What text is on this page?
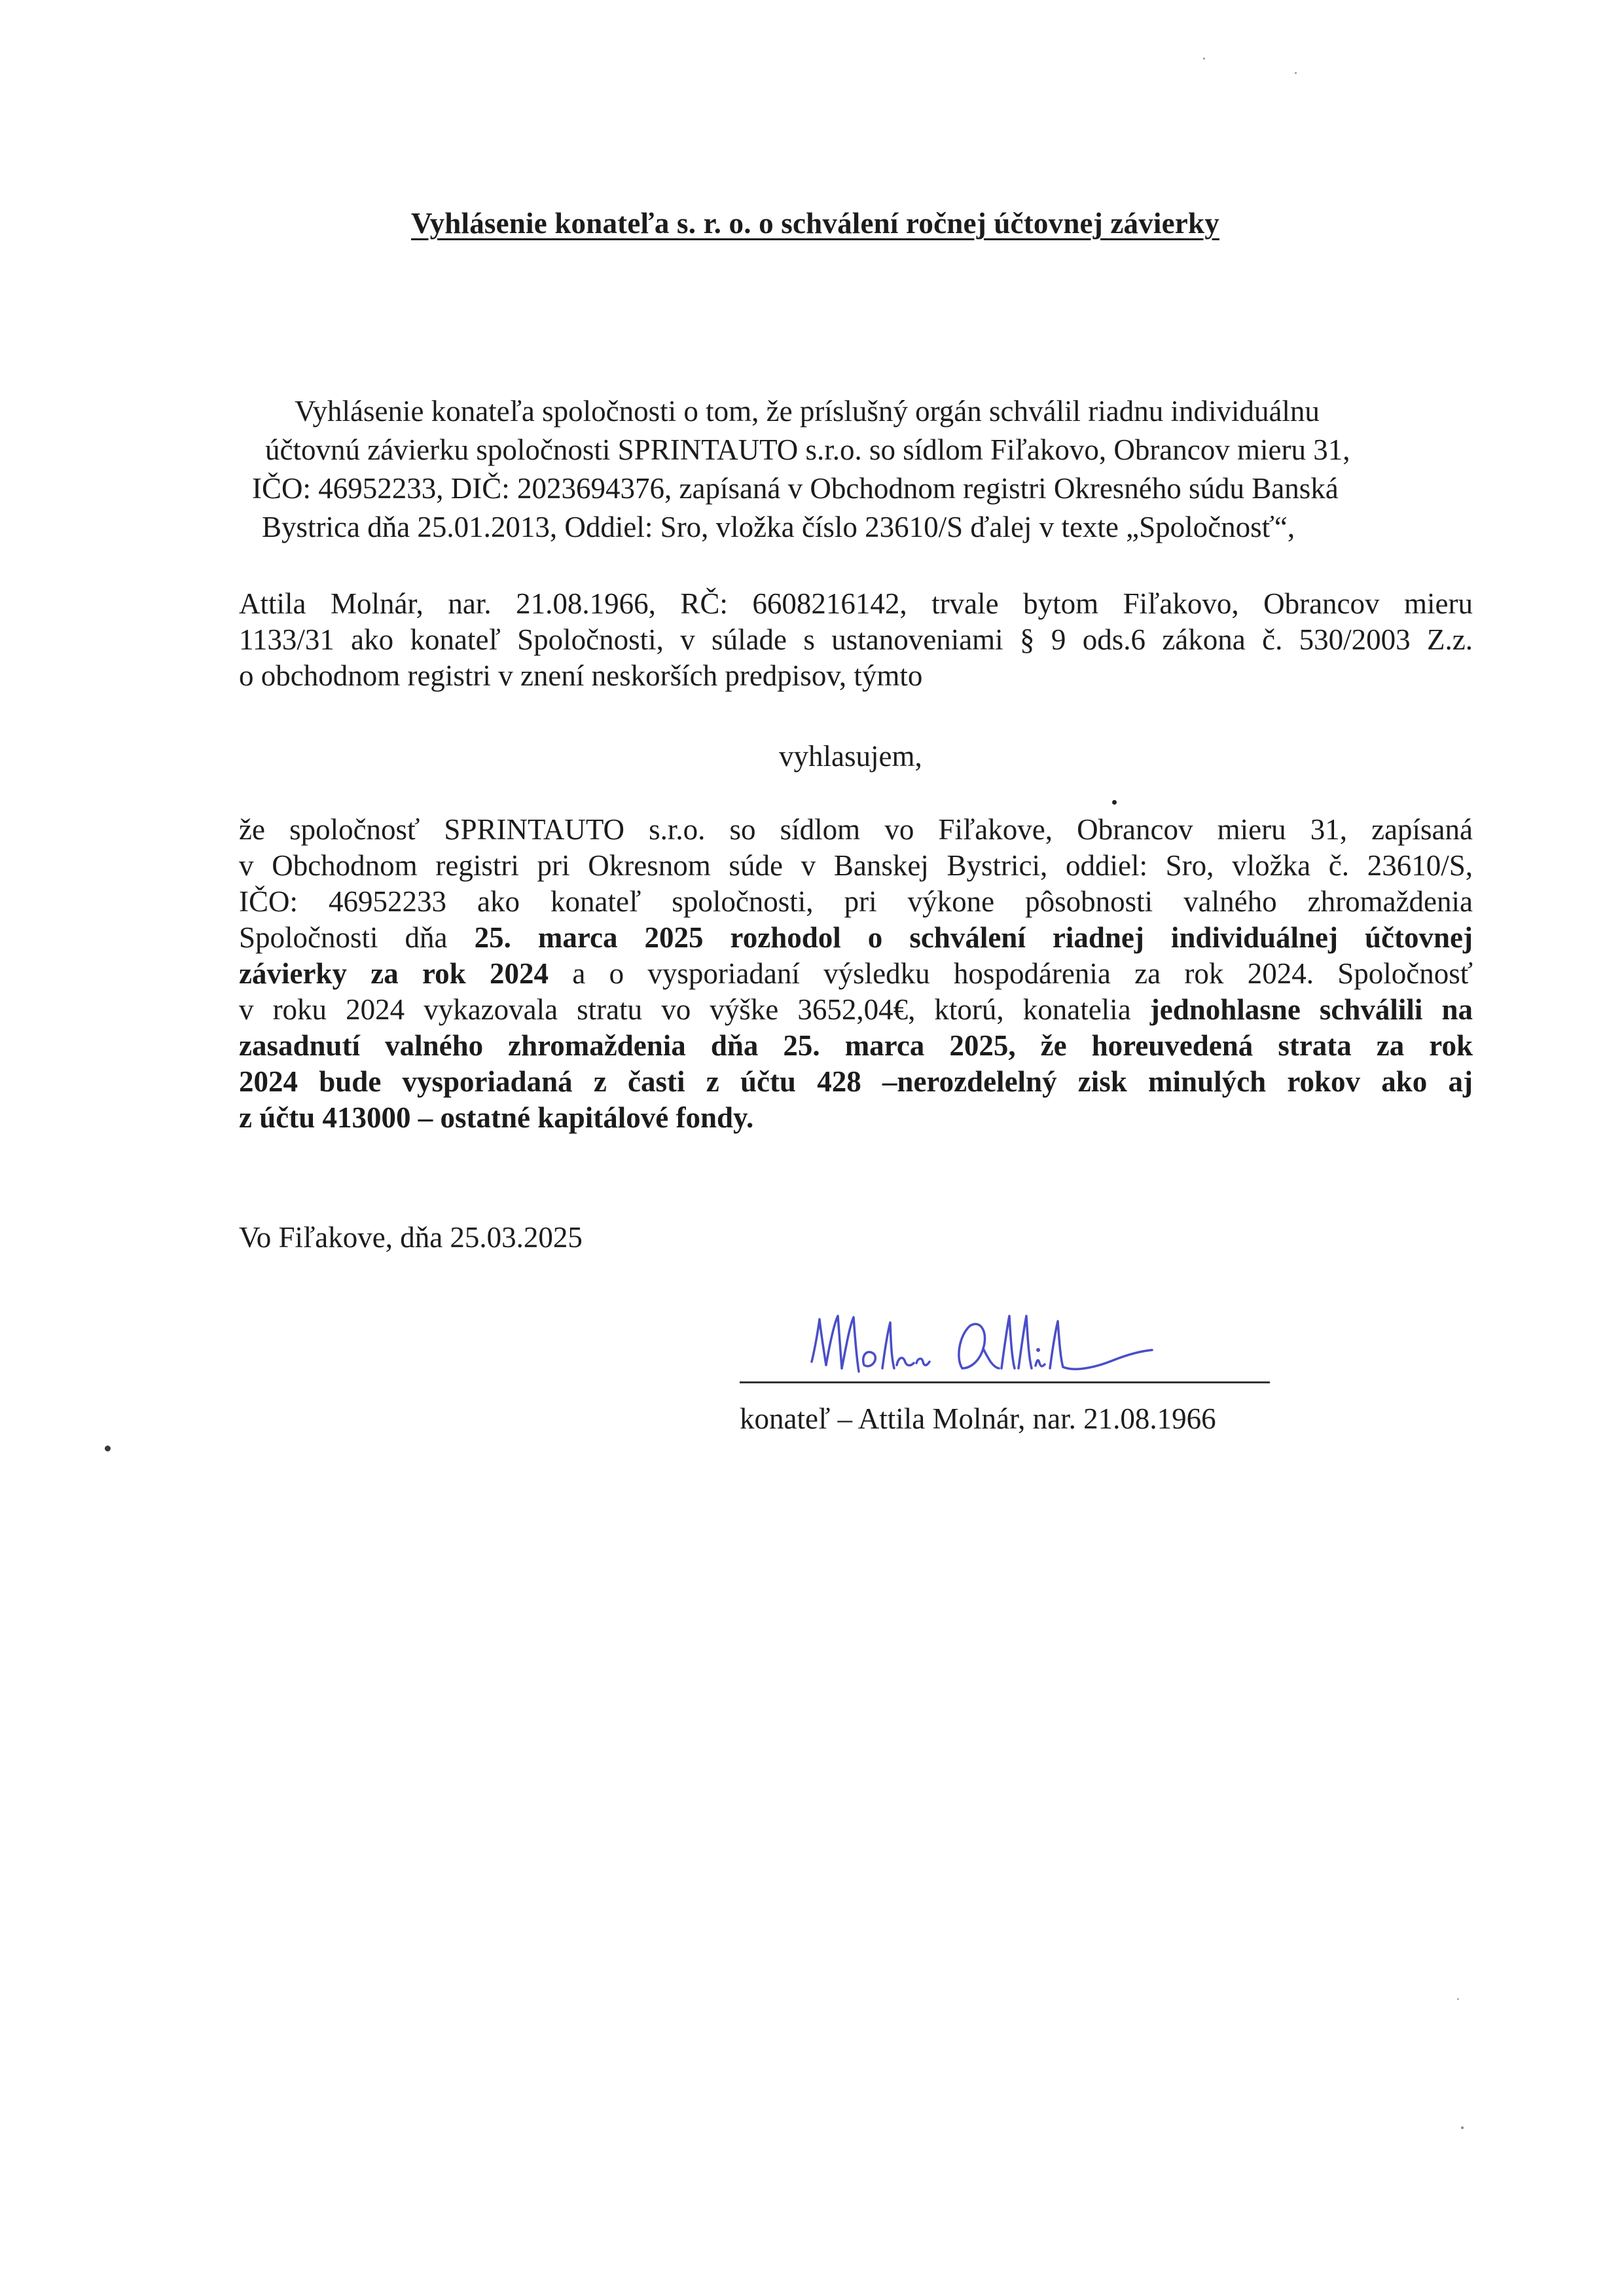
Vyhlásenie konateľa s. r. o. o schválení ročnej účtovnej závierky
Vyhlásenie konateľa spoločnosti o tom, že príslušný orgán schválil riadnu individuálnu
účtovnú závierku spoločnosti SPRINTAUTO s.r.o. so sídlom Fiľakovo, Obrancov mieru 31,
IČO: 46952233, DIČ: 2023694376, zapísaná v Obchodnom registri Okresného súdu Banská
Bystrica dňa 25.01.2013, Oddiel: Sro, vložka číslo 23610/S ďalej v texte „Spoločnosť“,
Attila Molnár, nar. 21.08.1966, RČ: 6608216142, trvale bytom Fiľakovo, Obrancov mieru
1133/31 ako konateľ Spoločnosti, v súlade s ustanoveniami § 9 ods.6 zákona č. 530/2003 Z.z.
o obchodnom registri v znení neskorších predpisov, týmto
vyhlasujem,
že spoločnosť SPRINTAUTO s.r.o. so sídlom vo Fiľakove, Obrancov mieru 31, zapísaná
v Obchodnom registri pri Okresnom súde v Banskej Bystrici, oddiel: Sro, vložka č. 23610/S,
IČO: 46952233 ako konateľ spoločnosti, pri výkone pôsobnosti valného zhromaždenia
Spoločnosti dňa 25. marca 2025 rozhodol o schválení riadnej individuálnej účtovnej
závierky za rok 2024 a o vysporiadaní výsledku hospodárenia za rok 2024. Spoločnosť
v roku 2024 vykazovala stratu vo výške 3652,04€, ktorú, konatelia jednohlasne schválili na
zasadnutí valného zhromaždenia dňa 25. marca 2025, že horeuvedená strata za rok
2024 bude vysporiadaná z časti z účtu 428 –nerozdelelný zisk minulých rokov ako aj
z účtu 413000 – ostatné kapitálové fondy.
Vo Fiľakove, dňa 25.03.2025
konateľ – Attila Molnár, nar. 21.08.1966
